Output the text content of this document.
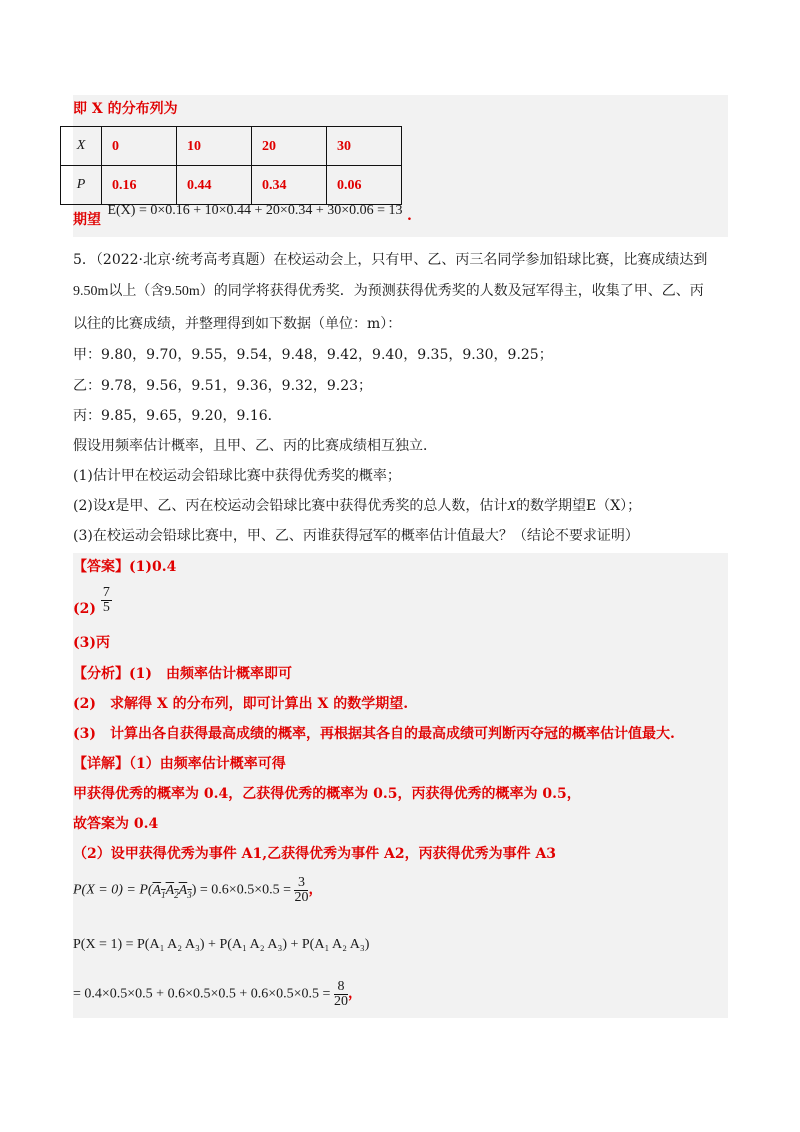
即 X 的分布列为
X	0	10	20	30
P	0.16	0.44	0.34	0.06
期望 E(X) = 0×0.16 + 10×0.44 + 20×0.34 + 30×0.06 = 13 .
5．（2022·北京·统考高考真题）在校运动会上，只有甲、乙、丙三名同学参加铅球比赛，比赛成绩达到
9.50m以上（含9.50m）的同学将获得优秀奖．为预测获得优秀奖的人数及冠军得主，收集了甲、乙、丙
以往的比赛成绩，并整理得到如下数据（单位：m）：
甲：9.80，9.70，9.55，9.54，9.48，9.42，9.40，9.35，9.30，9.25；
乙：9.78，9.56，9.51，9.36，9.32，9.23；
丙：9.85，9.65，9.20，9.16．
假设用频率估计概率，且甲、乙、丙的比赛成绩相互独立．
(1)估计甲在校运动会铅球比赛中获得优秀奖的概率；
(2)设X是甲、乙、丙在校运动会铅球比赛中获得优秀奖的总人数，估计X的数学期望E（X）；
(3)在校运动会铅球比赛中，甲、乙、丙谁获得冠军的概率估计值最大？（结论不要求证明）
【答案】(1)0.4
$(2) \frac{7}{5}$
(3)丙
【分析】(1)　由频率估计概率即可
(2)　求解得 X 的分布列，即可计算出 X 的数学期望.
(3)　计算出各自获得最高成绩的概率，再根据其各自的最高成绩可判断丙夺冠的概率估计值最大.
【详解】（1）由频率估计概率可得
甲获得优秀的概率为 0.4，乙获得优秀的概率为 0.5，丙获得优秀的概率为 0.5，
故答案为 0.4
（2）设甲获得优秀为事件 A1,乙获得优秀为事件 A2，丙获得优秀为事件 A3
$P(X = 0) = P(A_1A_2A_3) = 0.6\times 0.5\times 0.5 = \frac{3}{20}$ ，
P(X = 1) = P(A₁ A₂ A₃) + P(A₁ A₂ A₃) + P(A₁ A₂ A₃)
= $0.4\times 0.5\times 0.5 + 0.6\times 0.5\times 0.5 + 0.6\times 0.5\times 0.5 = \frac{8}{20}$ ，
